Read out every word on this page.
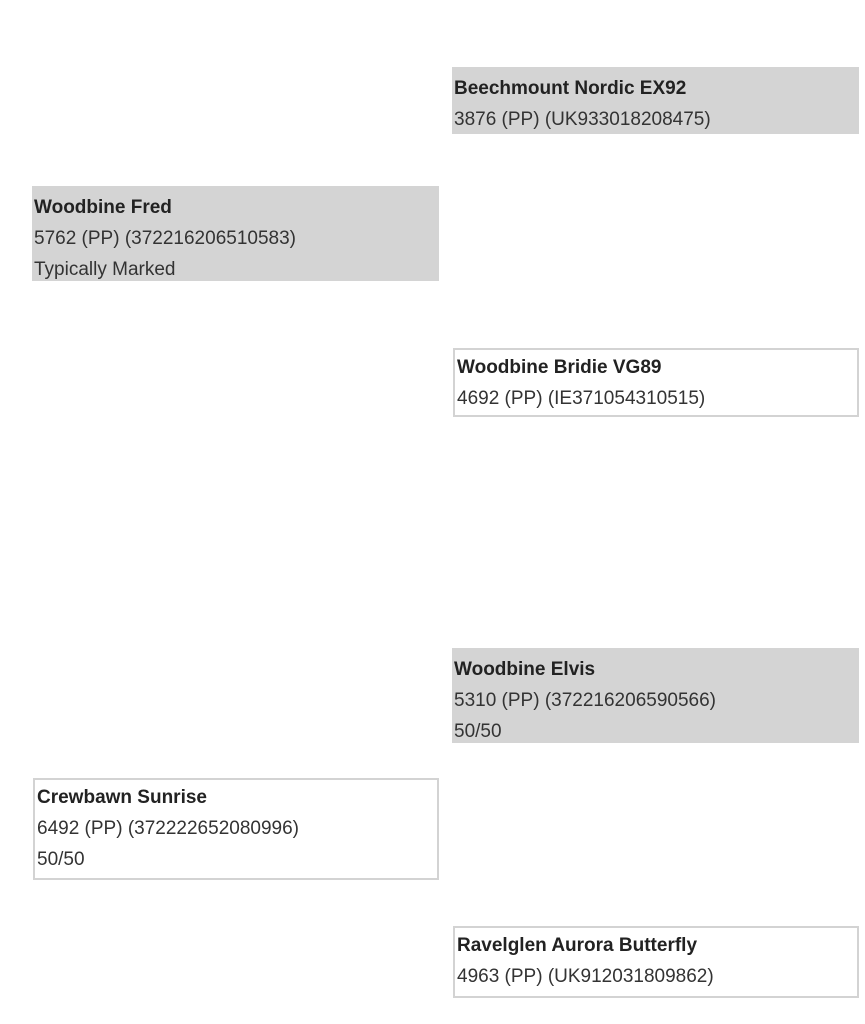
Beechmount Nordic EX92
3876 (PP) (UK933018208475)
Woodbine Fred
5762 (PP) (372216206510583)
Typically Marked
Woodbine Bridie VG89
4692 (PP) (IE371054310515)
Woodbine Elvis
5310 (PP) (372216206590566)
50/50
Crewbawn Sunrise
6492 (PP) (372222652080996)
50/50
Ravelglen Aurora Butterfly
4963 (PP) (UK912031809862)
